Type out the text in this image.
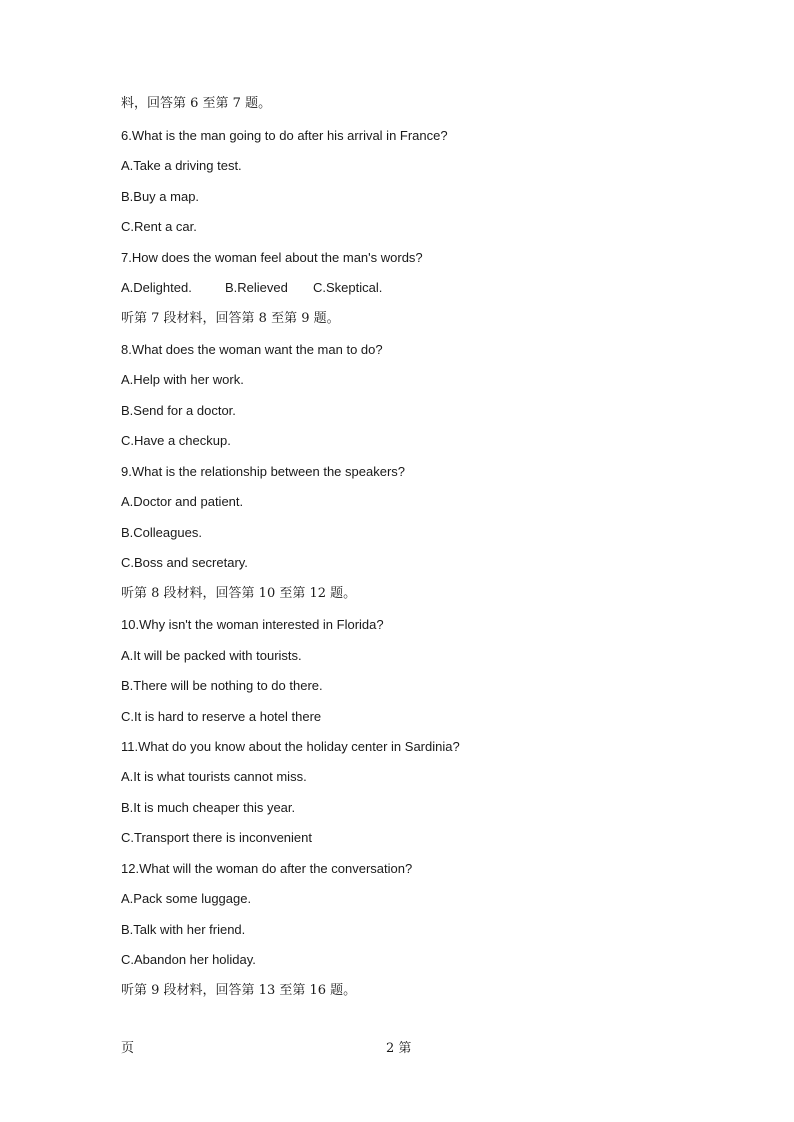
料，回答第 6 至第 7 题。
6.What is the man going to do after his arrival in France?
A.Take a driving test.
B.Buy a map.
C.Rent a car.
7.How does the woman feel about the man's words?
A.Delighted.	B.Relieved C.Skeptical.
听第 7 段材料，回答第 8 至第 9 题。
8.What does the woman want the man to do?
A.Help with her work.
B.Send for a doctor.
C.Have a checkup.
9.What is the relationship between the speakers?
A.Doctor and patient.
B.Colleagues.
C.Boss and secretary.
听第 8 段材料，回答第 10 至第 12 题。
10.Why isn't the woman interested in Florida?
A.It will be packed with tourists.
B.There will be nothing to do there.
C.It is hard to reserve a hotel there
11.What do you know about the holiday center in Sardinia?
A.It is what tourists cannot miss.
B.It is much cheaper this year.
C.Transport there is inconvenient
12.What will the woman do after the conversation?
A.Pack some luggage.
B.Talk with her friend.
C.Abandon her holiday.
听第 9 段材料，回答第 13 至第 16 题。
页	2 第
